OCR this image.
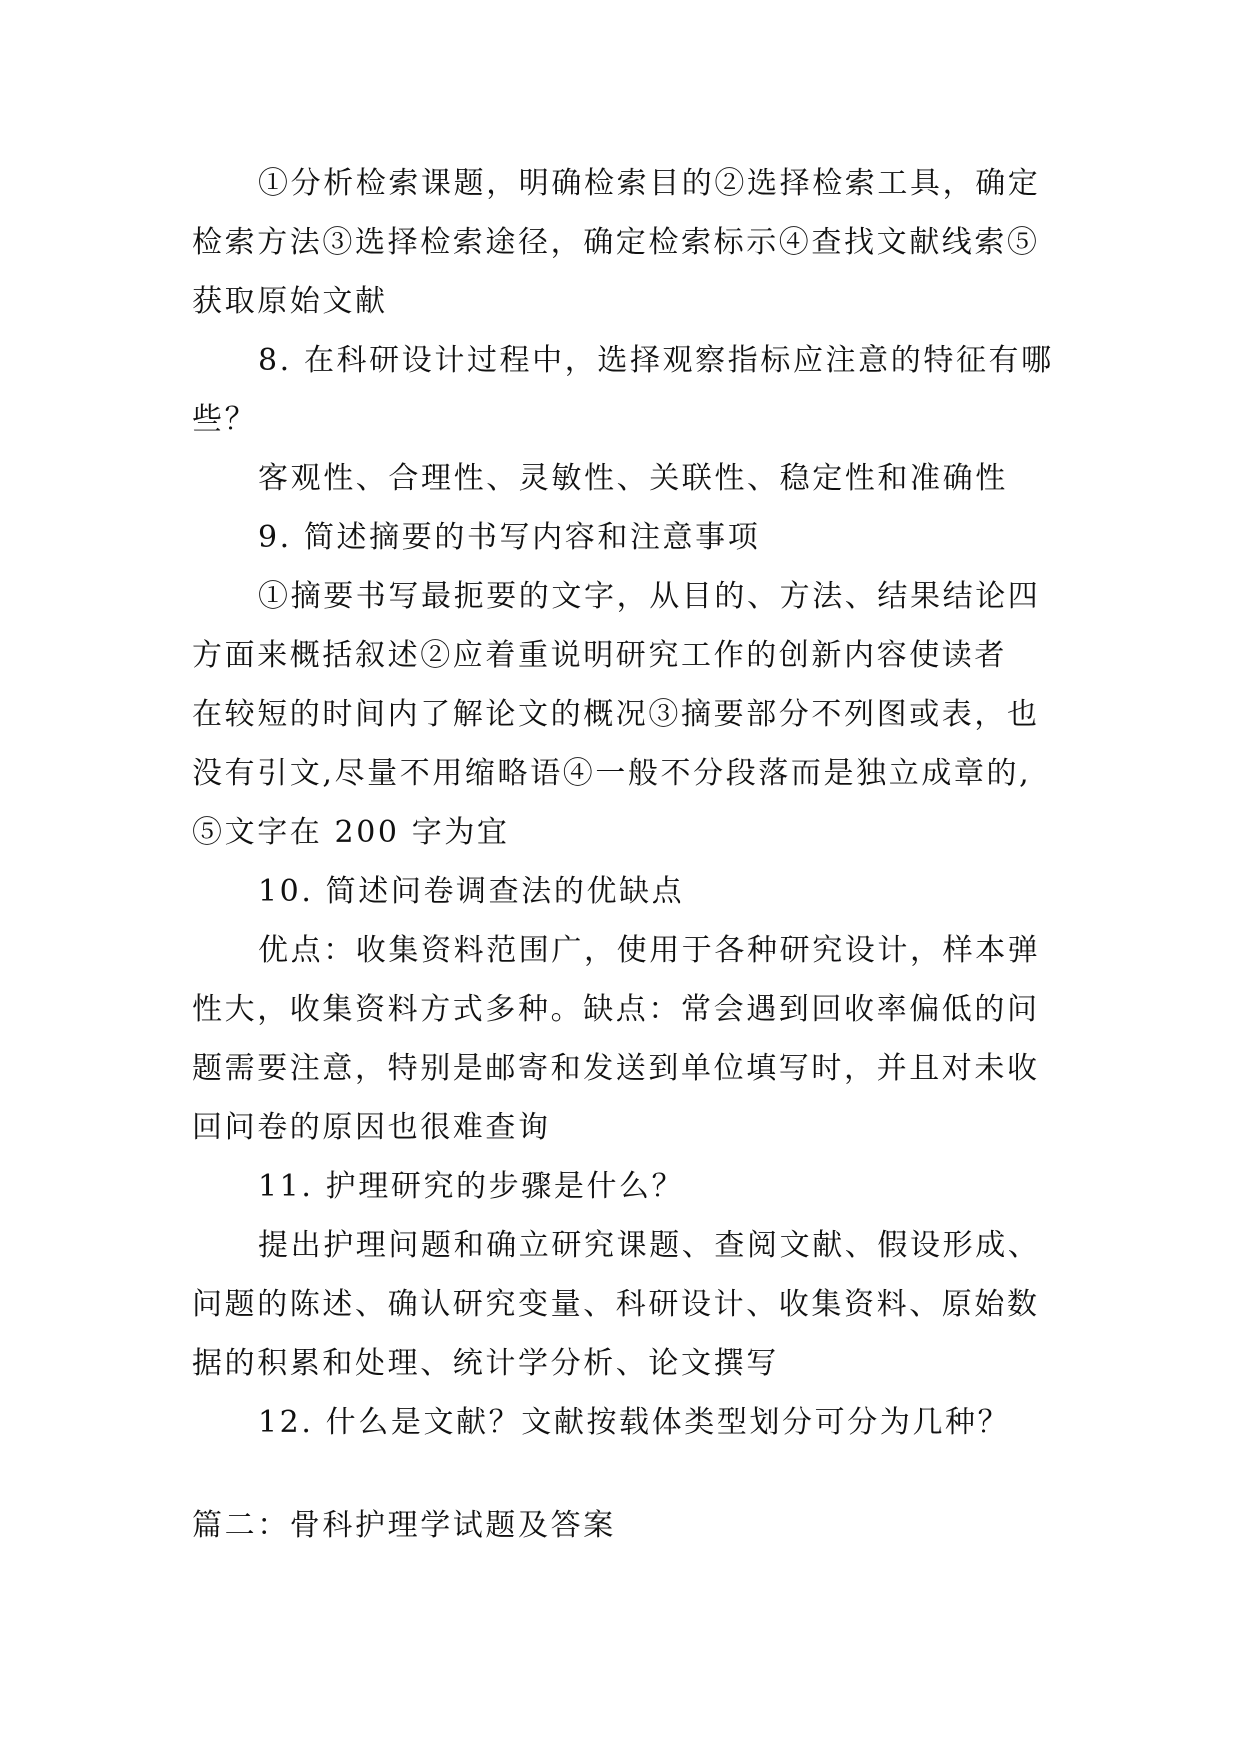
①分析检索课题，明确检索目的②选择检索工具，确定
检索方法③选择检索途径，确定检索标示④查找文献线索⑤
获取原始文献
8. 在科研设计过程中，选择观察指标应注意的特征有哪
些？
客观性、合理性、灵敏性、关联性、稳定性和准确性
9. 简述摘要的书写内容和注意事项
①摘要书写最扼要的文字，从目的、方法、结果结论四
方面来概括叙述②应着重说明研究工作的创新内容使读者
在较短的时间内了解论文的概况③摘要部分不列图或表，也
没有引文,尽量不用缩略语④一般不分段落而是独立成章的,
⑤文字在 200 字为宜
10. 简述问卷调查法的优缺点
优点：收集资料范围广，使用于各种研究设计，样本弹
性大，收集资料方式多种。缺点：常会遇到回收率偏低的问
题需要注意，特别是邮寄和发送到单位填写时，并且对未收
回问卷的原因也很难查询
11. 护理研究的步骤是什么？
提出护理问题和确立研究课题、查阅文献、假设形成、
问题的陈述、确认研究变量、科研设计、收集资料、原始数
据的积累和处理、统计学分析、论文撰写
12. 什么是文献？文献按载体类型划分可分为几种？
篇二：骨科护理学试题及答案
